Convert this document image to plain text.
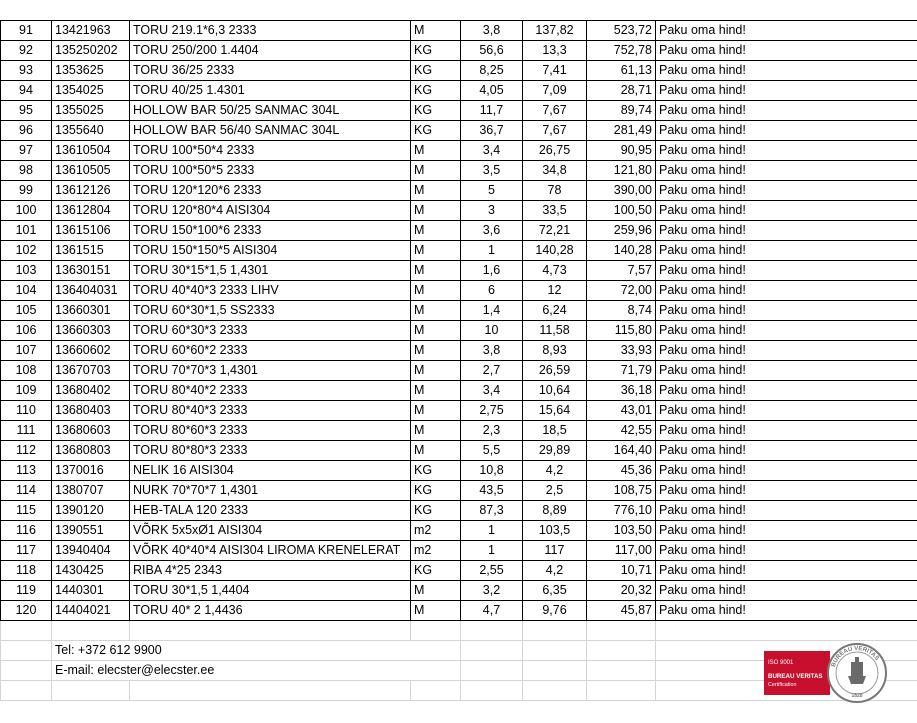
91	13421963	TORU 219.1*6,3 2333	M	3,8	137,82	523,72	Paku oma hind!
92	135250202	TORU 250/200 1.4404	KG	56,6	13,3	752,78	Paku oma hind!
93	1353625	TORU 36/25 2333	KG	8,25	7,41	61,13	Paku oma hind!
94	1354025	TORU 40/25 1.4301	KG	4,05	7,09	28,71	Paku oma hind!
95	1355025	HOLLOW BAR 50/25 SANMAC 304L	KG	11,7	7,67	89,74	Paku oma hind!
96	1355640	HOLLOW BAR 56/40 SANMAC 304L	KG	36,7	7,67	281,49	Paku oma hind!
97	13610504	TORU 100*50*4 2333	M	3,4	26,75	90,95	Paku oma hind!
98	13610505	TORU 100*50*5 2333	M	3,5	34,8	121,80	Paku oma hind!
99	13612126	TORU 120*120*6 2333	M	5	78	390,00	Paku oma hind!
100	13612804	TORU 120*80*4 AISI304	M	3	33,5	100,50	Paku oma hind!
101	13615106	TORU 150*100*6 2333	M	3,6	72,21	259,96	Paku oma hind!
102	1361515	TORU 150*150*5 AISI304	M	1	140,28	140,28	Paku oma hind!
103	13630151	TORU 30*15*1,5 1,4301	M	1,6	4,73	7,57	Paku oma hind!
104	136404031	TORU 40*40*3 2333 LIHV	M	6	12	72,00	Paku oma hind!
105	13660301	TORU 60*30*1,5 SS2333	M	1,4	6,24	8,74	Paku oma hind!
106	13660303	TORU 60*30*3 2333	M	10	11,58	115,80	Paku oma hind!
107	13660602	TORU 60*60*2 2333	M	3,8	8,93	33,93	Paku oma hind!
108	13670703	TORU 70*70*3 1,4301	M	2,7	26,59	71,79	Paku oma hind!
109	13680402	TORU 80*40*2 2333	M	3,4	10,64	36,18	Paku oma hind!
110	13680403	TORU 80*40*3 2333	M	2,75	15,64	43,01	Paku oma hind!
111	13680603	TORU 80*60*3 2333	M	2,3	18,5	42,55	Paku oma hind!
112	13680803	TORU 80*80*3 2333	M	5,5	29,89	164,40	Paku oma hind!
113	1370016	NELIK 16 AISI304	KG	10,8	4,2	45,36	Paku oma hind!
114	1380707	NURK 70*70*7 1,4301	KG	43,5	2,5	108,75	Paku oma hind!
115	1390120	HEB-TALA 120 2333	KG	87,3	8,89	776,10	Paku oma hind!
116	1390551	VÕRK 5x5xØ1 AISI304	m2	1	103,5	103,50	Paku oma hind!
117	13940404	VÕRK 40*40*4 AISI304 LIROMA KRENELERAT	m2	1	117	117,00	Paku oma hind!
118	1430425	RIBA 4*25 2343	KG	2,55	4,2	10,71	Paku oma hind!
119	1440301	TORU 30*1,5 1,4404	M	3,2	6,35	20,32	Paku oma hind!
120	14404021	TORU 40* 2 1,4436	M	4,7	9,76	45,87	Paku oma hind!

	Tel: +372 612 9900						
	E-mail: elecster@elecster.ee						
								ISO 9001
BUREAU VERITAS
Certification
BUREAU VERITAS
1828
